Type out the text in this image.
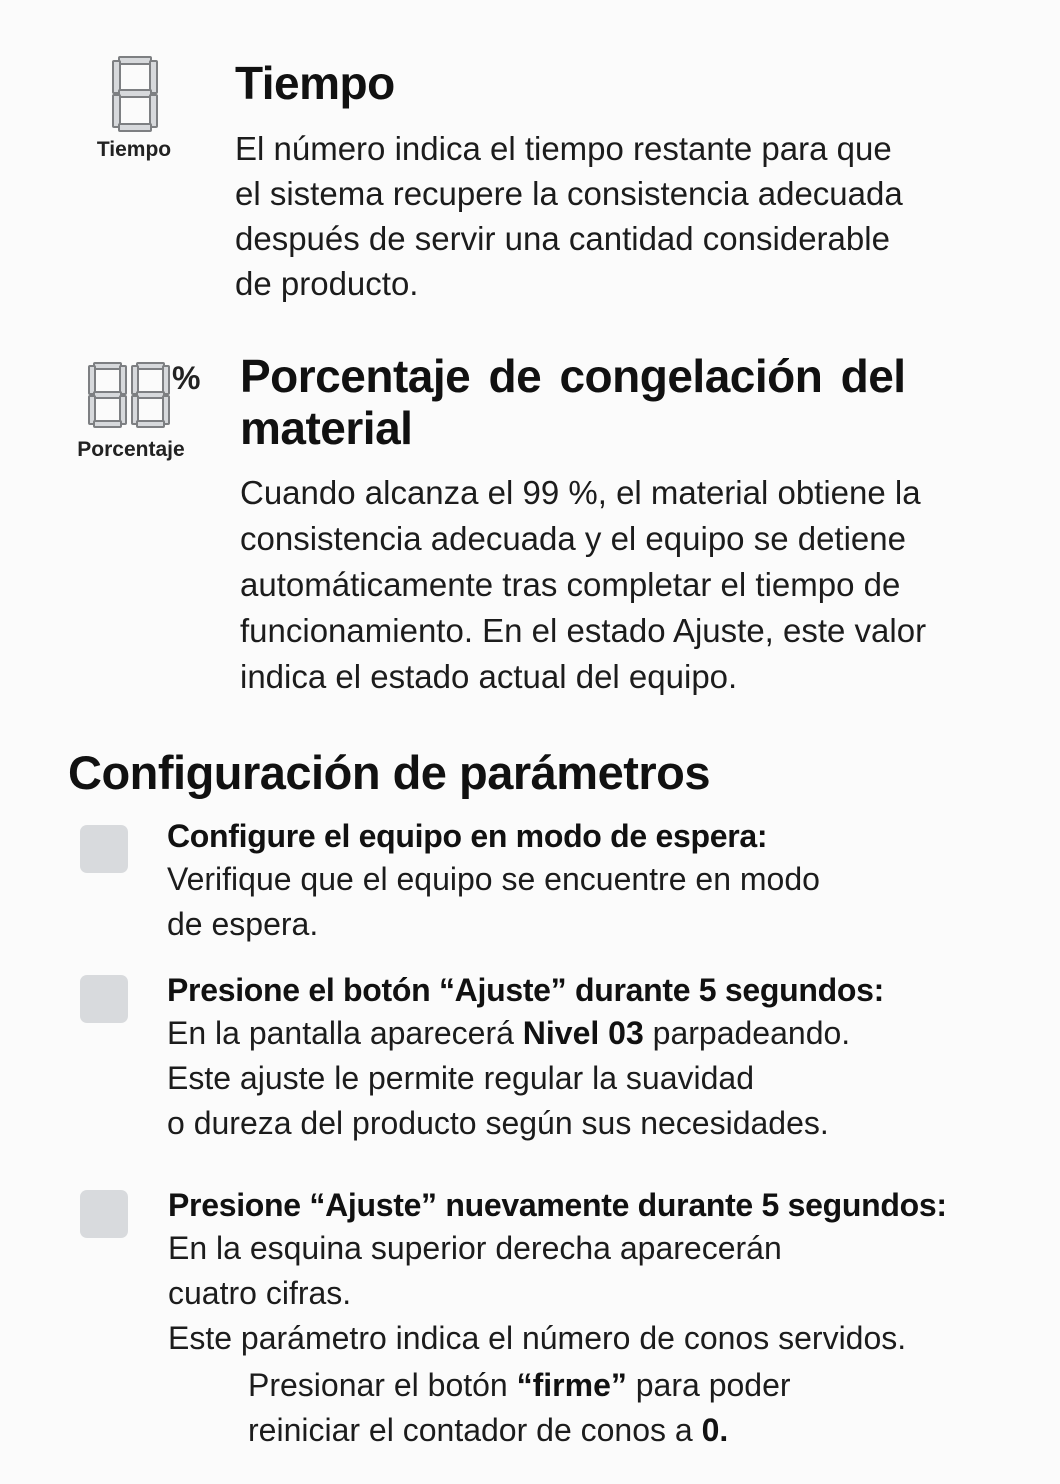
Tiempo
Tiempo
El número indica el tiempo restante para que
el sistema recupere la consistencia adecuada
después de servir una cantidad considerable
de producto.
%
Porcentaje
Porcentaje de congelación del
material
Cuando alcanza el 99 %, el material obtiene la
consistencia adecuada y el equipo se detiene
automáticamente tras completar el tiempo de
funcionamiento. En el estado Ajuste, este valor
indica el estado actual del equipo.
Configuración de parámetros
Configure el equipo en modo de espera:
Verifique que el equipo se encuentre en modo
de espera.
Presione el botón “Ajuste” durante 5 segundos:
En la pantalla aparecerá Nivel 03 parpadeando.
Este ajuste le permite regular la suavidad
o dureza del producto según sus necesidades.
Presione “Ajuste” nuevamente durante 5 segundos:
En la esquina superior derecha aparecerán
cuatro cifras.
Este parámetro indica el número de conos servidos.
Presionar el botón “firme” para poder
reiniciar el contador de conos a 0.
